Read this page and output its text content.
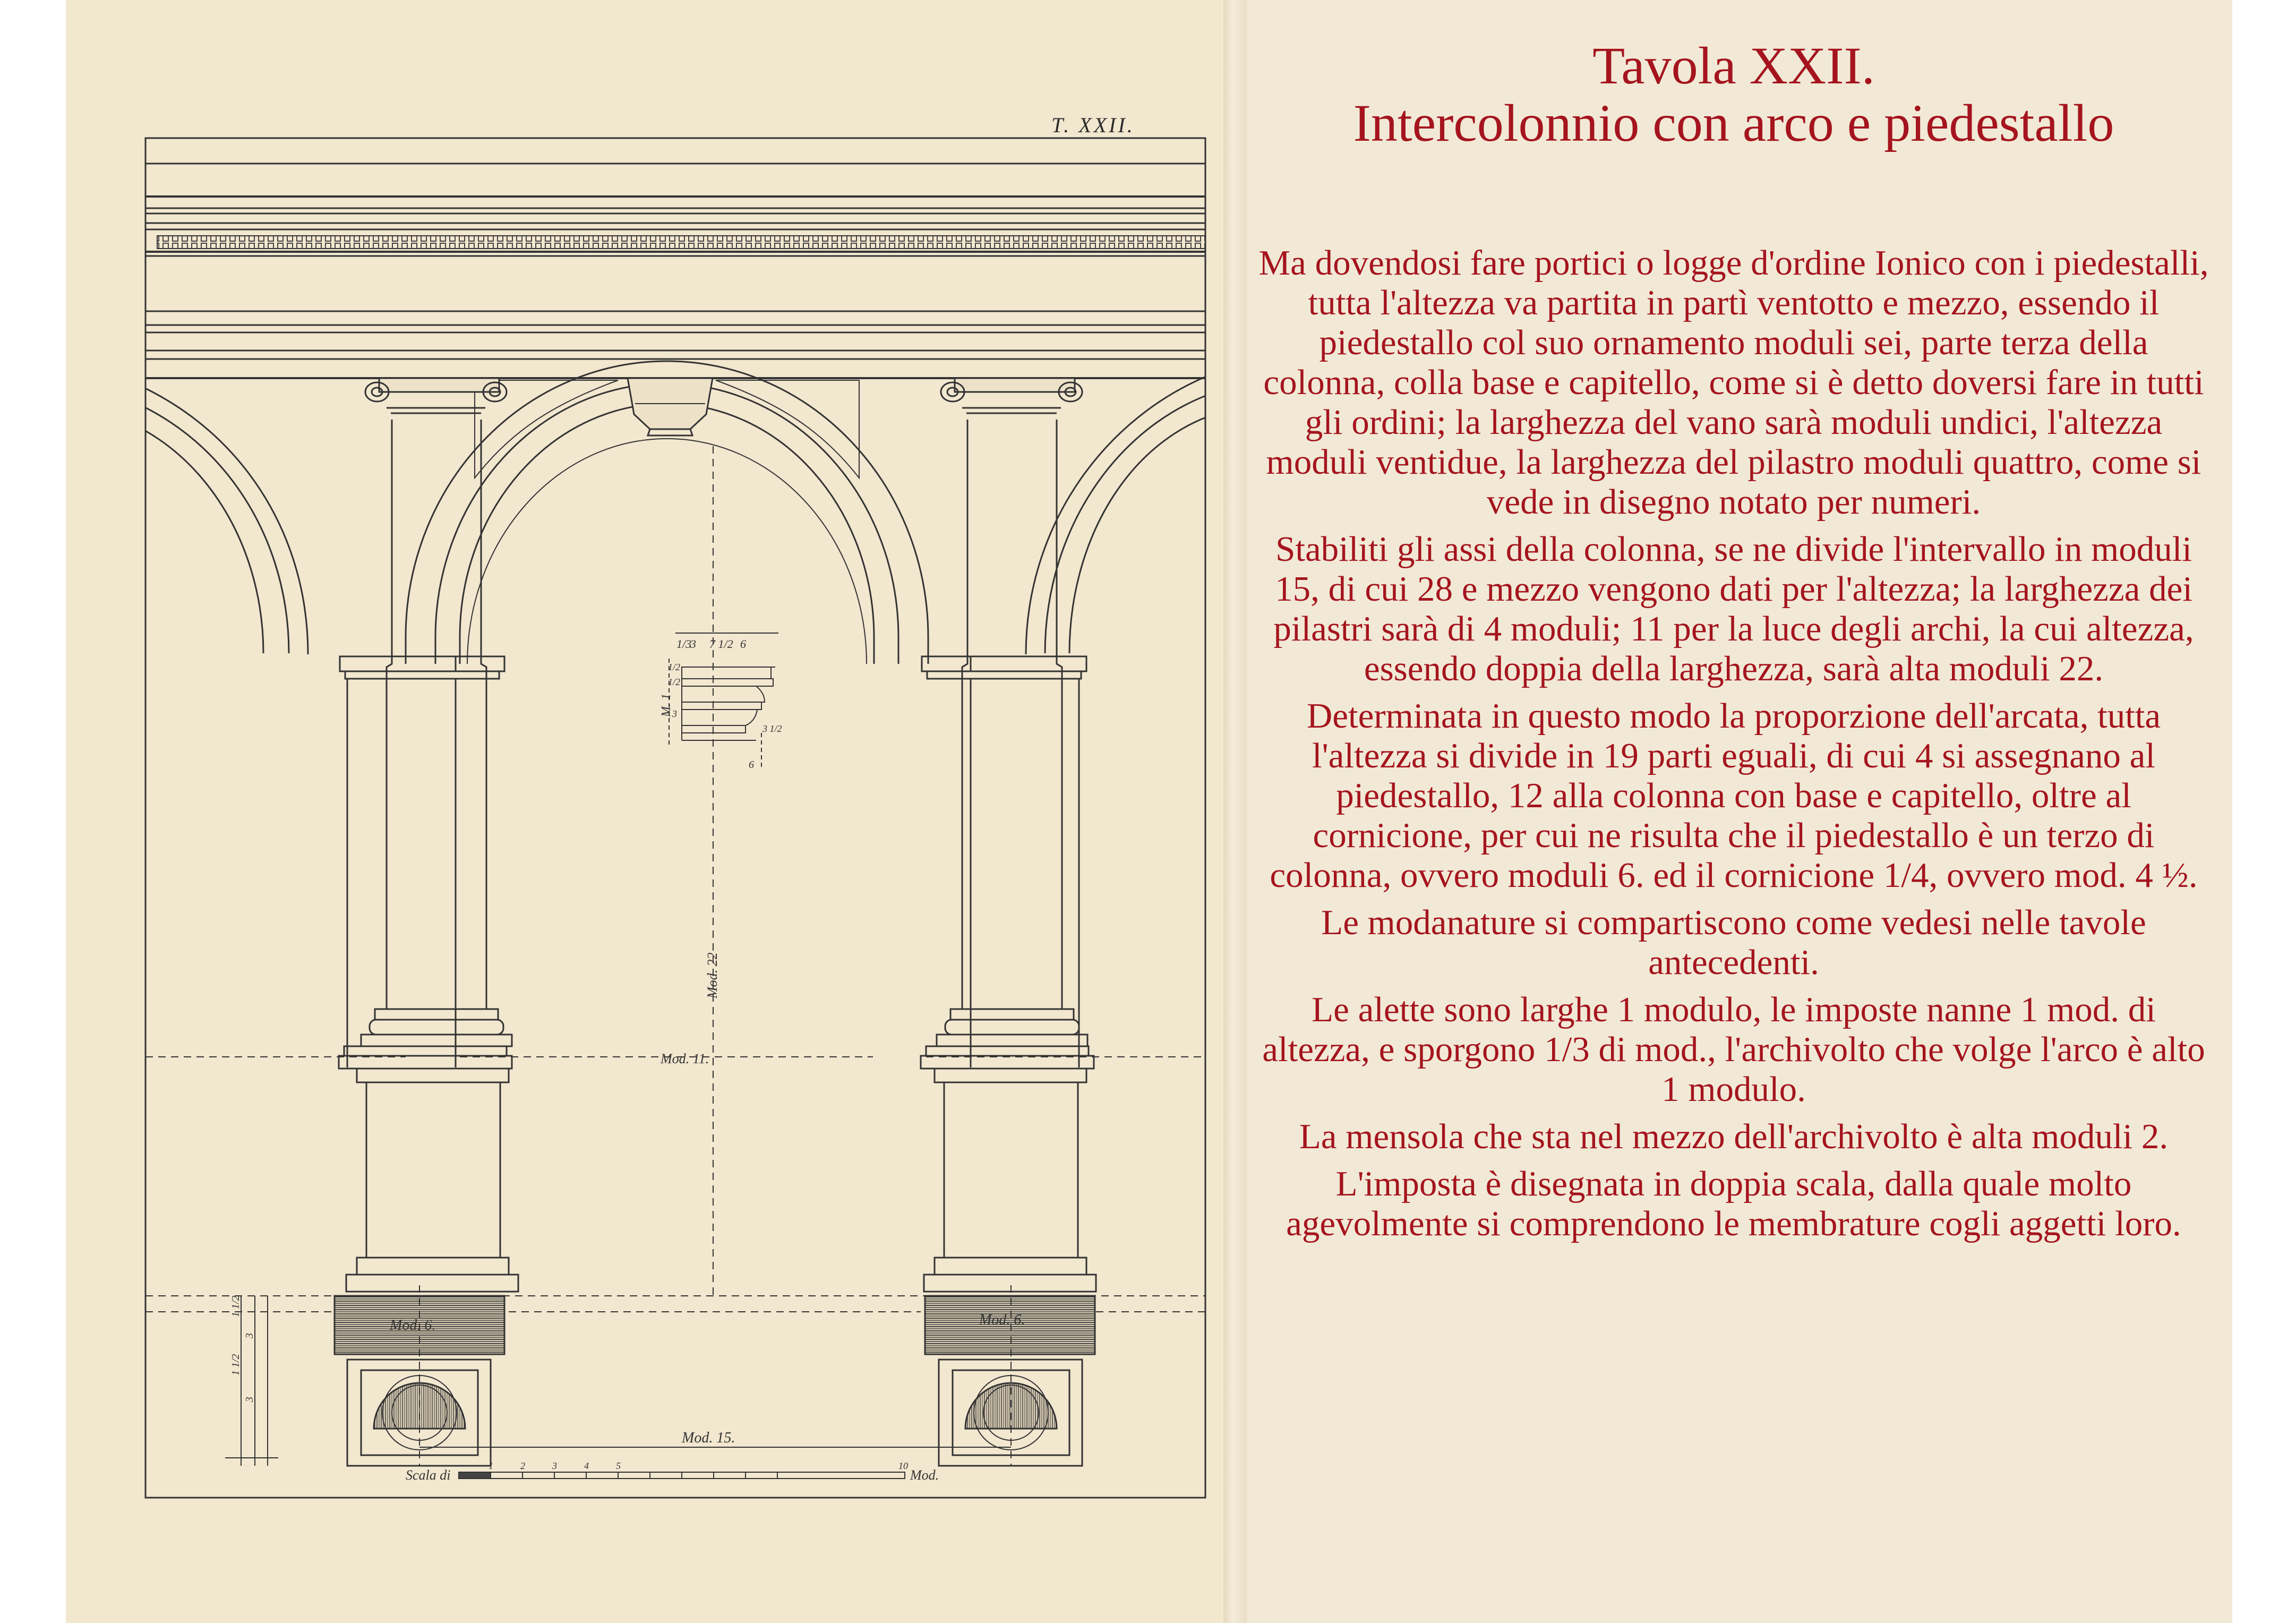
Mod. 22
Mod. 11.
Mod. 15.
Mod. 6.	Mod. 6.
M. 1
1/3
3 7 1/2 6
1/2
1/2
3
3 1/2
6
1 1/2
1 1/2
3
3
Scala di	Mod.
1	2	3	4	5	10
T. XXII.
Tavola XXII.
Intercolonnio con arco e piedestallo

Ma dovendosi fare portici o logge d'ordine Ionico con i piedestalli, tutta l'altezza va partita in partì ventotto e mezzo, essendo il piedestallo col suo ornamento moduli sei, parte terza della colonna, colla base e capitello, come si è detto doversi fare in tutti gli ordini; la larghezza del vano sarà moduli undici, l'altezza moduli ventidue, la larghezza del pilastro moduli quattro, come si vede in disegno notato per numeri.

Stabiliti gli assi della colonna, se ne divide l'intervallo in moduli 15, di cui 28 e mezzo vengono dati per l'altezza; la larghezza dei pilastri sarà di 4 moduli; 11 per la luce degli archi, la cui altezza, essendo doppia della larghezza, sarà alta moduli 22.

Determinata in questo modo la proporzione dell'arcata, tutta l'altezza si divide in 19 parti eguali, di cui 4 si assegnano al piedestallo, 12 alla colonna con base e capitello, oltre al cornicione, per cui ne risulta che il piedestallo è un terzo di colonna, ovvero moduli 6. ed il cornicione 1/4, ovvero mod. 4 ½.

Le modanature si compartiscono come vedesi nelle tavole antecedenti.

Le alette sono larghe 1 modulo, le imposte nanne 1 mod. di altezza, e sporgono 1/3 di mod., l'archivolto che volge l'arco è alto 1 modulo.

La mensola che sta nel mezzo dell'archivolto è alta moduli 2.

L'imposta è disegnata in doppia scala, dalla quale molto agevolmente si comprendono le membrature cogli aggetti loro.
